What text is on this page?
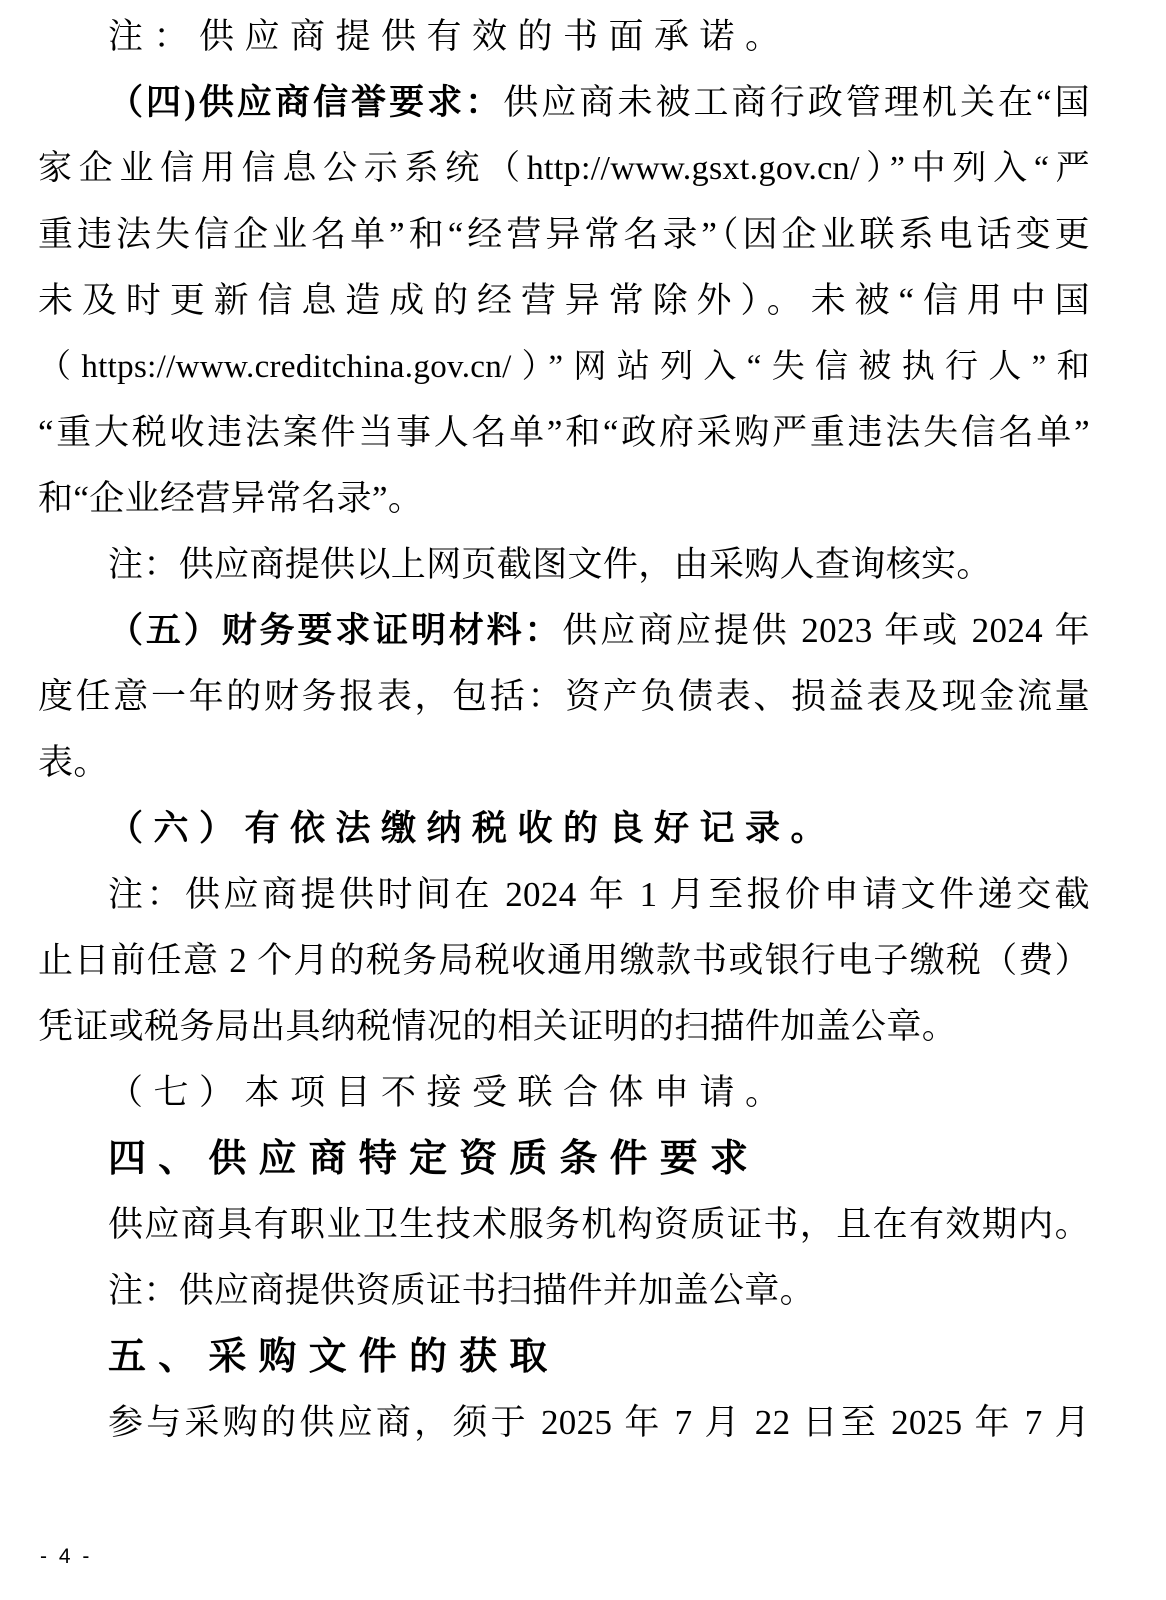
注：供应商提供有效的书面承诺。
（四)供应商信誉要求：供应商未被工商行政管理机关在“国
家企业信用信息公示系统（http://www.gsxt.gov.cn/）”中列入“严
重违法失信企业名单”和“经营异常名录”（因企业联系电话变更
未及时更新信息造成的经营异常除外）。未被“信用中国
（https://www.creditchina.gov.cn/）”网站列入“失信被执行人”和
“重大税收违法案件当事人名单”和“政府采购严重违法失信名单”
和“企业经营异常名录”。
注：供应商提供以上网页截图文件，由采购人查询核实。
（五）财务要求证明材料：供应商应提供 2023 年或 2024 年
度任意一年的财务报表，包括：资产负债表、损益表及现金流量
表。
（六）有依法缴纳税收的良好记录。
注：供应商提供时间在 2024 年 1 月至报价申请文件递交截
止日前任意 2 个月的税务局税收通用缴款书或银行电子缴税（费）
凭证或税务局出具纳税情况的相关证明的扫描件加盖公章。
（七）本项目不接受联合体申请。
四、供应商特定资质条件要求
供应商具有职业卫生技术服务机构资质证书，且在有效期内。
注：供应商提供资质证书扫描件并加盖公章。
五、采购文件的获取
参与采购的供应商，须于 2025 年 7 月 22 日至 2025 年 7 月
- 4 -
